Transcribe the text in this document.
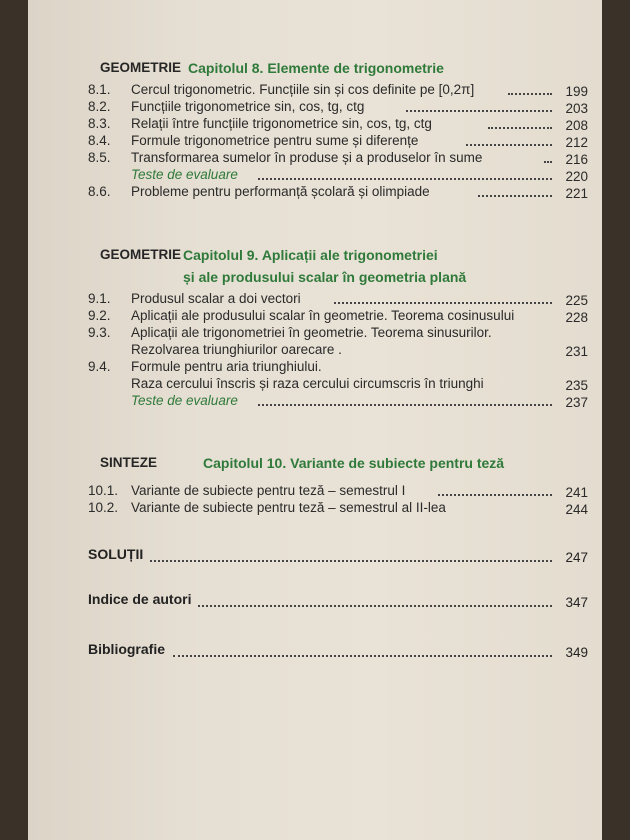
GEOMETRIE Capitolul 8. Elemente de trigonometrie
8.1. Cercul trigonometric. Funcțiile sin și cos definite pe [0,2π]	199
8.2. Funcțiile trigonometrice sin, cos, tg, ctg	203
8.3. Relații între funcțiile trigonometrice sin, cos, tg, ctg	208
8.4. Formule trigonometrice pentru sume și diferențe	212
8.5. Transformarea sumelor în produse și a produselor în sume	216
Teste de evaluare	220
8.6. Probleme pentru performanță școlară și olimpiade	221
GEOMETRIE Capitolul 9. Aplicații ale trigonometriei
și ale produsului scalar în geometria plană
9.1. Produsul scalar a doi vectori	225
9.2. Aplicații ale produsului scalar în geometrie. Teorema cosinusului	228
9.3. Aplicații ale trigonometriei în geometrie. Teorema sinusurilor.
Rezolvarea triunghiurilor oarecare .	231
9.4. Formule pentru aria triunghiului.
Raza cercului înscris și raza cercului circumscris în triunghi	235
Teste de evaluare	237
SINTEZE	Capitolul 10. Variante de subiecte pentru teză
10.1. Variante de subiecte pentru teză – semestrul I	241
10.2. Variante de subiecte pentru teză – semestrul al II-lea	244
SOLUȚII	247
Indice de autori	347
Bibliografie	349
